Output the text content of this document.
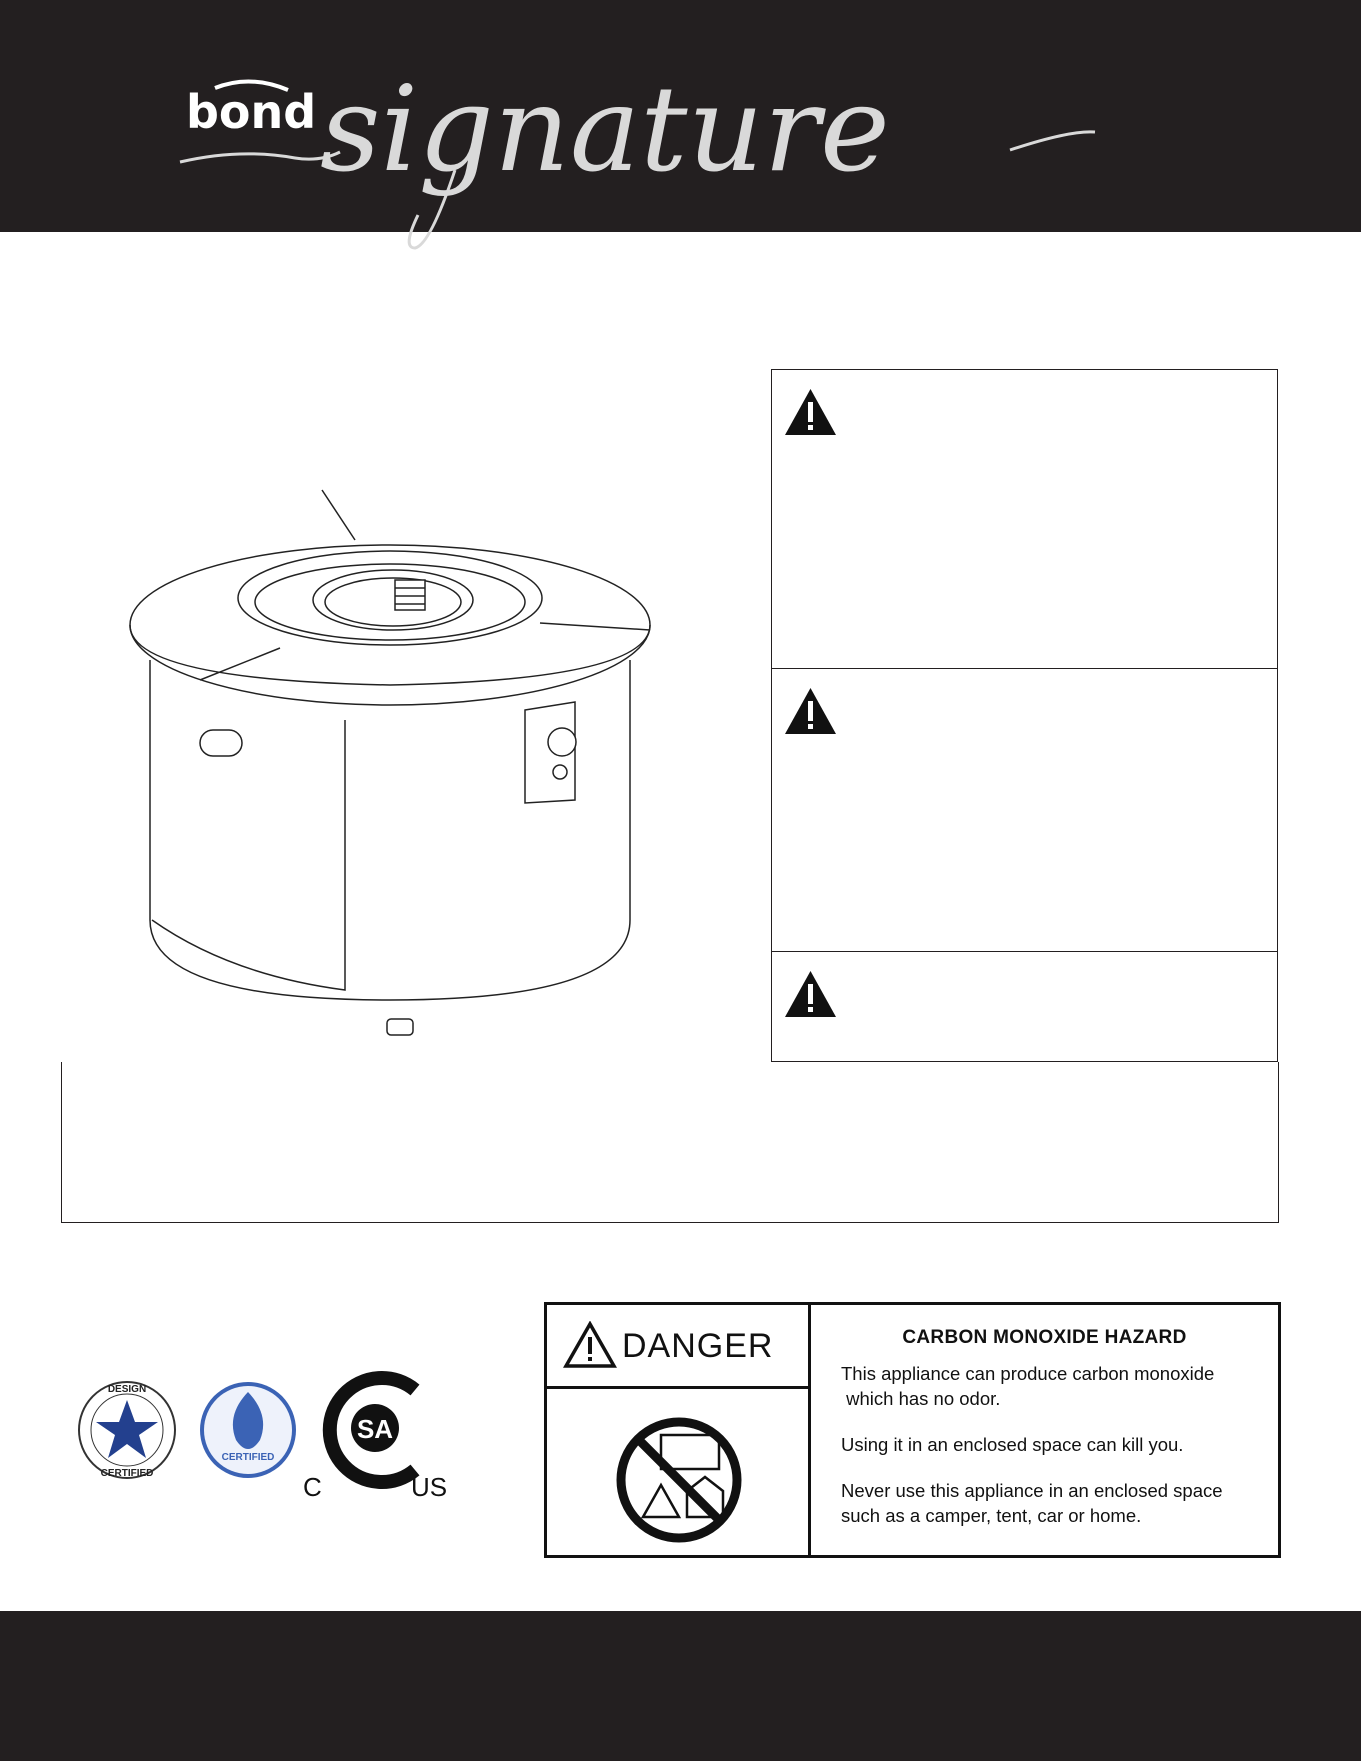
bond signature
DESIGN
CERTIFIED
CERTIFIED
SA
C	US
DANGER	CARBON MONOXIDE HAZARD
This appliance can produce carbon monoxide
which has no odor.
Using it in an enclosed space can kill you.
Never use this appliance in an enclosed space
such as a camper, tent, car or home.
